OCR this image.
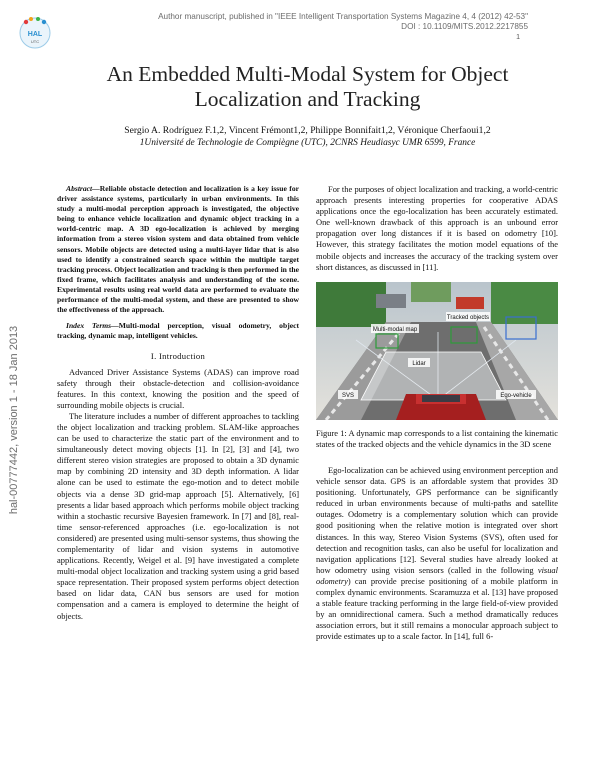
Author manuscript, published in "IEEE Intelligent Transportation Systems Magazine 4, 4 (2012) 42-53"
DOI : 10.1109/MITS.2012.2217855
1
HAL
UTC
hal-00777442, version 1 - 18 Jan 2013
An Embedded Multi-Modal System for Object
Localization and Tracking
Sergio A. Rodríguez F.1,2, Vincent Frémont1,2, Philippe Bonnifait1,2, Véronique Cherfaoui1,2
1Université de Technologie de Compiègne (UTC), 2CNRS Heudiasyc UMR 6599, France

Abstract—Reliable obstacle detection and localization is a key issue for driver assistance systems, particularly in urban environments. In this study a multi-modal perception approach is investigated, the objective being to enhance vehicle localization and dynamic object tracking in a world-centric map. A 3D ego-localization is achieved by merging information from a stereo vision system and data obtained from vehicle sensors. Mobile objects are detected using a multi-layer lidar that is also used to identify a constrained search space within the multiple target tracking process. Object localization and tracking is then performed in the fixed frame, which facilitates analysis and understanding of the scene. Experimental results using real world data are performed to evaluate the performance of the multi-modal system, and these are presented to show the effectiveness of the approach.

Index Terms—Multi-modal perception, visual odometry, object tracking, dynamic map, intelligent vehicles.

I. Introduction

Advanced Driver Assistance Systems (ADAS) can improve road safety through their obstacle-detection and collision-avoidance features. In this context, knowing the position and the speed of surrounding mobile objects is crucial.

The literature includes a number of different approaches to tackling the object localization and tracking problem. SLAM-like approaches can be used to characterize the static part of the environment and to simultaneously detect moving objects [1]. In [2], [3] and [4], two different stereo vision strategies are proposed to obtain a 3D dynamic map by combining 2D intensity and 3D depth information. A lidar alone can be used to estimate the ego-motion and to detect mobile objects via a dense 3D grid-map approach [5]. Alternatively, [6] presents a lidar based approach which performs mobile object tracking within a stochastic recursive Bayesien framework. In [7] and [8], real-time sensor-referenced approaches (i.e. ego-localization is not considered) are presented using multi-sensor systems, thus showing the complementarity of lidar and vision systems in automotive applications. Recently, Weigel et al. [9] have investigated a complete multi-modal object localization and tracking system using a grid based space representation. Their proposed system performs object detection based on lidar data, CAN bus sensors are used for motion compensation and a camera is employed to determine the height of objects.

For the purposes of object localization and tracking, a world-centric approach presents interesting properties for cooperative ADAS applications once the ego-localization has been accurately estimated. One well-known drawback of this approach is an unbound error propagation over long distances if it is based on odometry [10]. However, this strategy facilitates the motion model equations of the mobile objects and increases the accuracy of the tracking system over short distances, as discussed in [11].

Tracked objects
Multi-modal map
Lidar
SVS	Ego-vehicle

Figure 1: A dynamic map corresponds to a list containing the kinematic states of the tracked objects and the vehicle dynamics in the 3D scene

Ego-localization can be achieved using environment perception and vehicle sensor data. GPS is an affordable system that provides 3D positioning. Unfortunately, GPS performance can be significantly reduced in urban environments because of multi-paths and satellite outages. Odometry is a complementary solution which can provide good positioning when the relative motion is integrated over short distances. In this way, Stereo Vision Systems (SVS), often used for detection and recognition tasks, can also be useful for localization and navigation applications [12]. Several studies have already looked at how odometry using vision sensors (called in the following visual odometry) can provide precise positioning of a mobile platform in complex dynamic environments. Scaramuzza et al. [13] have proposed a stable feature tracking performing in the large field-of-view provided by an omnidirectional camera. Such a method dramatically reduces association errors, but it still remains a monocular approach subject to provide estimates up to a scale factor. In [14], full 6-
